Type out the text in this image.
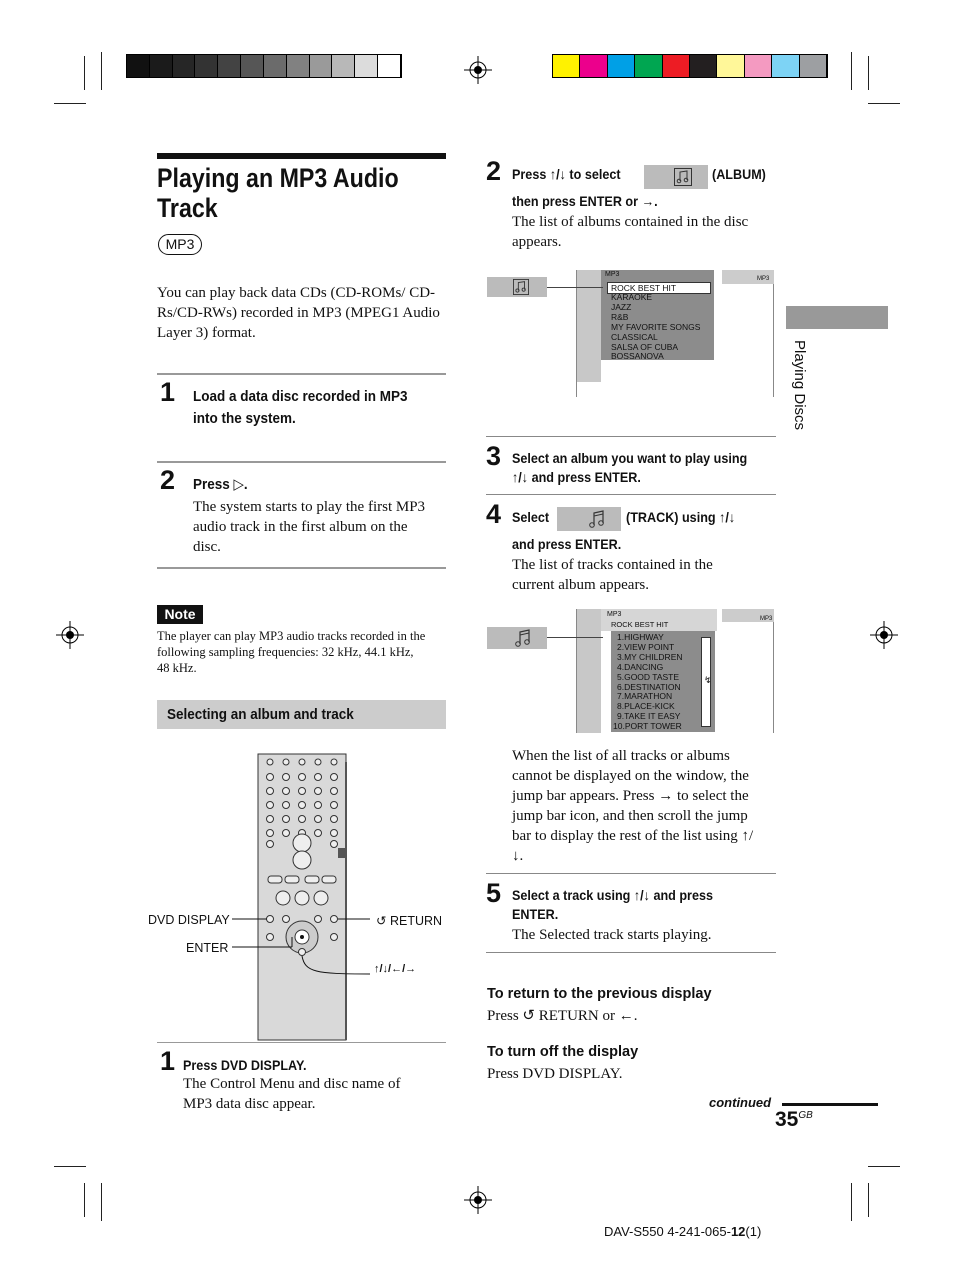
Playing an MP3 Audio
Track
MP3
You can play back data CDs (CD-ROMs/ CD-Rs/CD-RWs) recorded in MP3 (MPEG1 Audio Layer 3) format.
1 Load a data disc recorded in MP3
into the system.
2 Press ▷.
The system starts to play the first MP3
audio track in the first album on the
disc.
Note
The player can play MP3 audio tracks recorded in the
following sampling frequencies: 32 kHz, 44.1 kHz,
48 kHz.
Selecting an album and track
DVD DISPLAY
ENTER
↺ RETURN
↑/↓/←/→
1 Press DVD DISPLAY.
The Control Menu and disc name of
MP3 data disc appear.
2 Press ↑/↓ to select	(ALBUM)
then press ENTER or →.
The list of albums contained in the disc
appears.
MP3
MP3
ROCK BEST HIT
KARAOKE
JAZZ
R&B
MY FAVORITE SONGS
CLASSICAL
SALSA OF CUBA
BOSSANOVA
3 Select an album you want to play using
↑/↓ and press ENTER.
4 Select	(TRACK) using ↑/↓
and press ENTER.
The list of tracks contained in the
current album appears.
MP3
ROCK BEST HIT
MP3
↯
1.HIGHWAY
2.VIEW POINT
3.MY CHILDREN
4.DANCING
5.GOOD TASTE
6.DESTINATION
7.MARATHON
8.PLACE-KICK
9.TAKE IT EASY
10.PORT TOWER
When the list of all tracks or albums
cannot be displayed on the window, the
jump bar appears. Press → to select the
jump bar icon, and then scroll the jump
bar to display the rest of the list using ↑/
↓.
5 Select a track using ↑/↓ and press
ENTER.
The Selected track starts playing.
To return to the previous display
Press ↺ RETURN or ←.
To turn off the display
Press DVD DISPLAY.
Playing Discs
continued
$35^{GB}$
DAV-S550 4-241-065-12(1)
